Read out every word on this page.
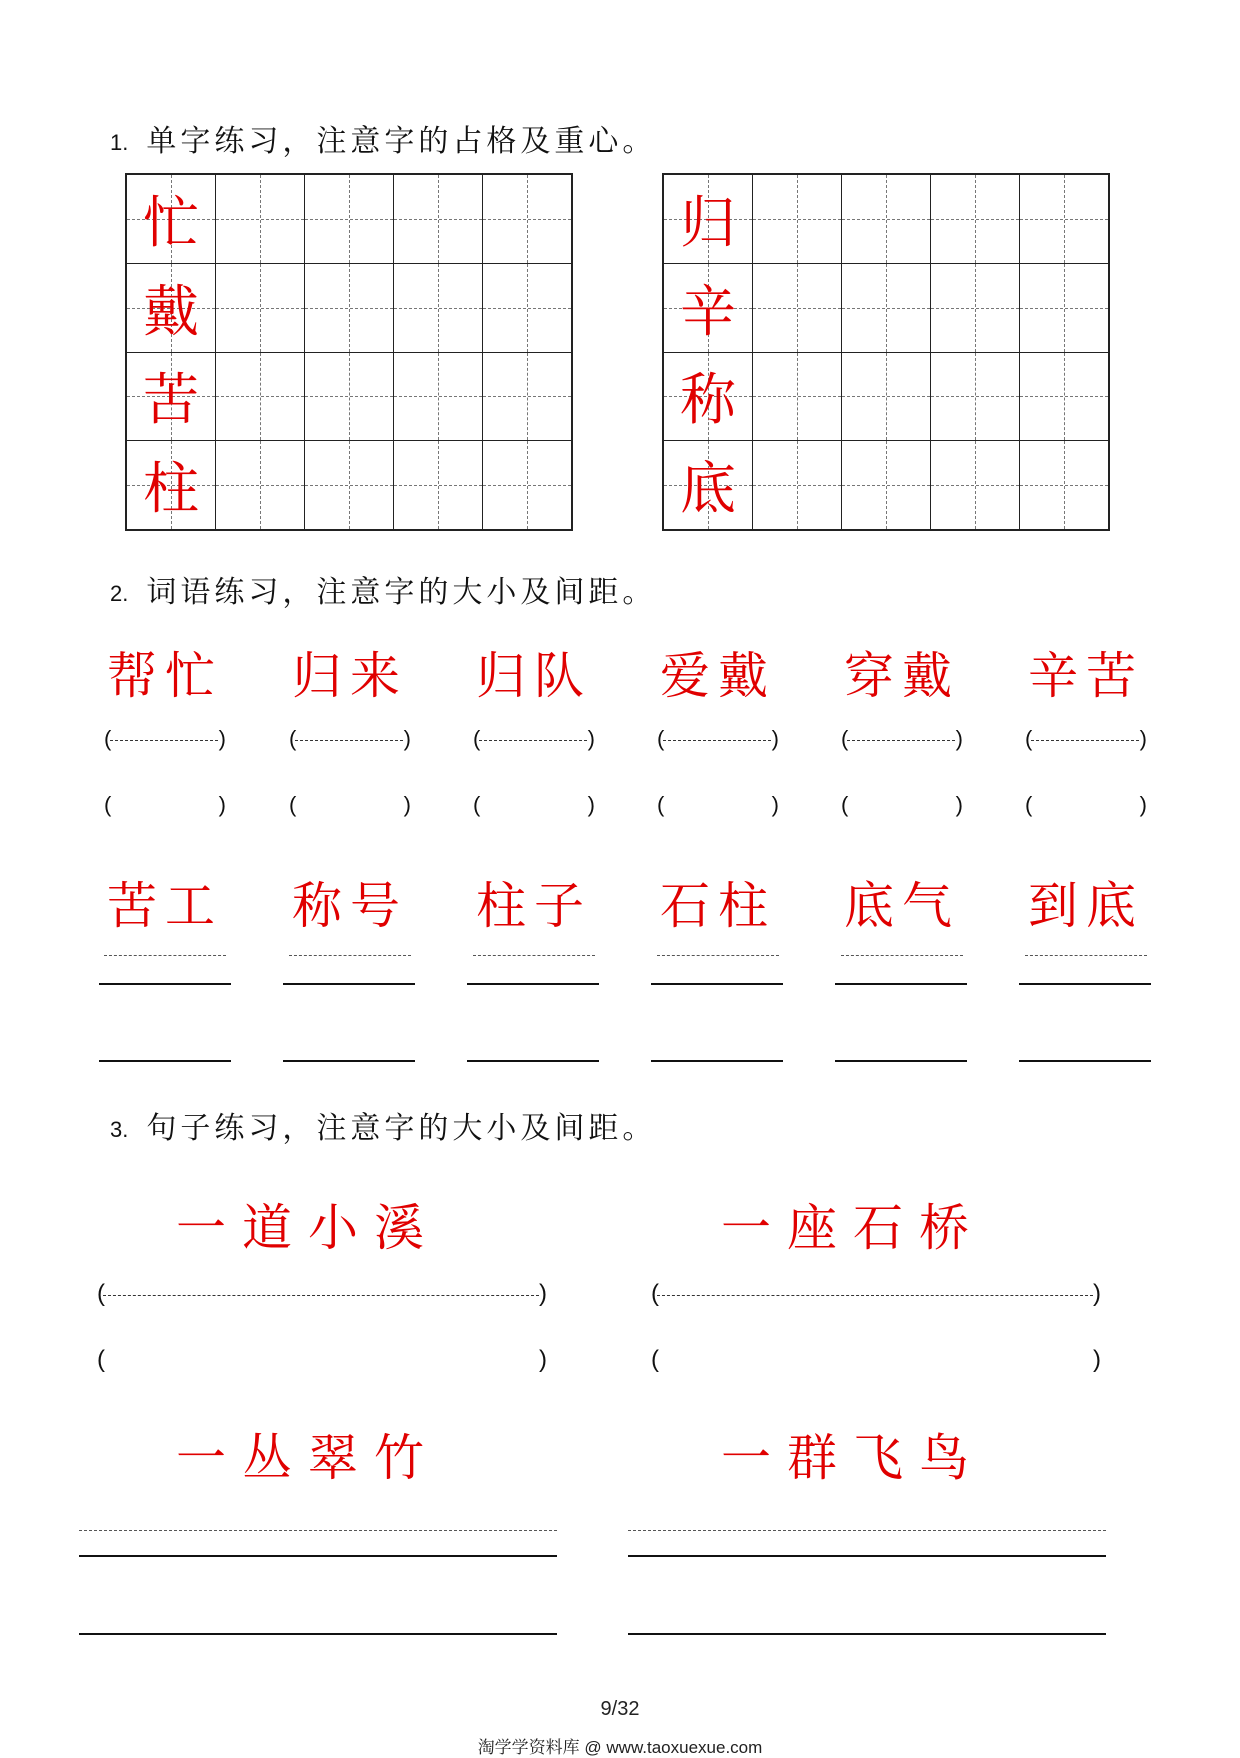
1. 单字练习，注意字的占格及重心。
忙
戴
苦
柱
归
辛
称
底
2. 词语练习，注意字的大小及间距。
帮忙	归来	归队	爱戴	穿戴	辛苦
(	)	(	)	(	)	(	)	(	)	(	)
(	)	(	)	(	)	(	)	(	)	(	)
苦工	称号	柱子	石柱	底气	到底
3. 句子练习，注意字的大小及间距。
一道小溪	一座石桥
(	)	(	)
(	)	(	)
一丛翠竹	一群飞鸟
9/32
淘学学资料库 @ www.taoxuexue.com
